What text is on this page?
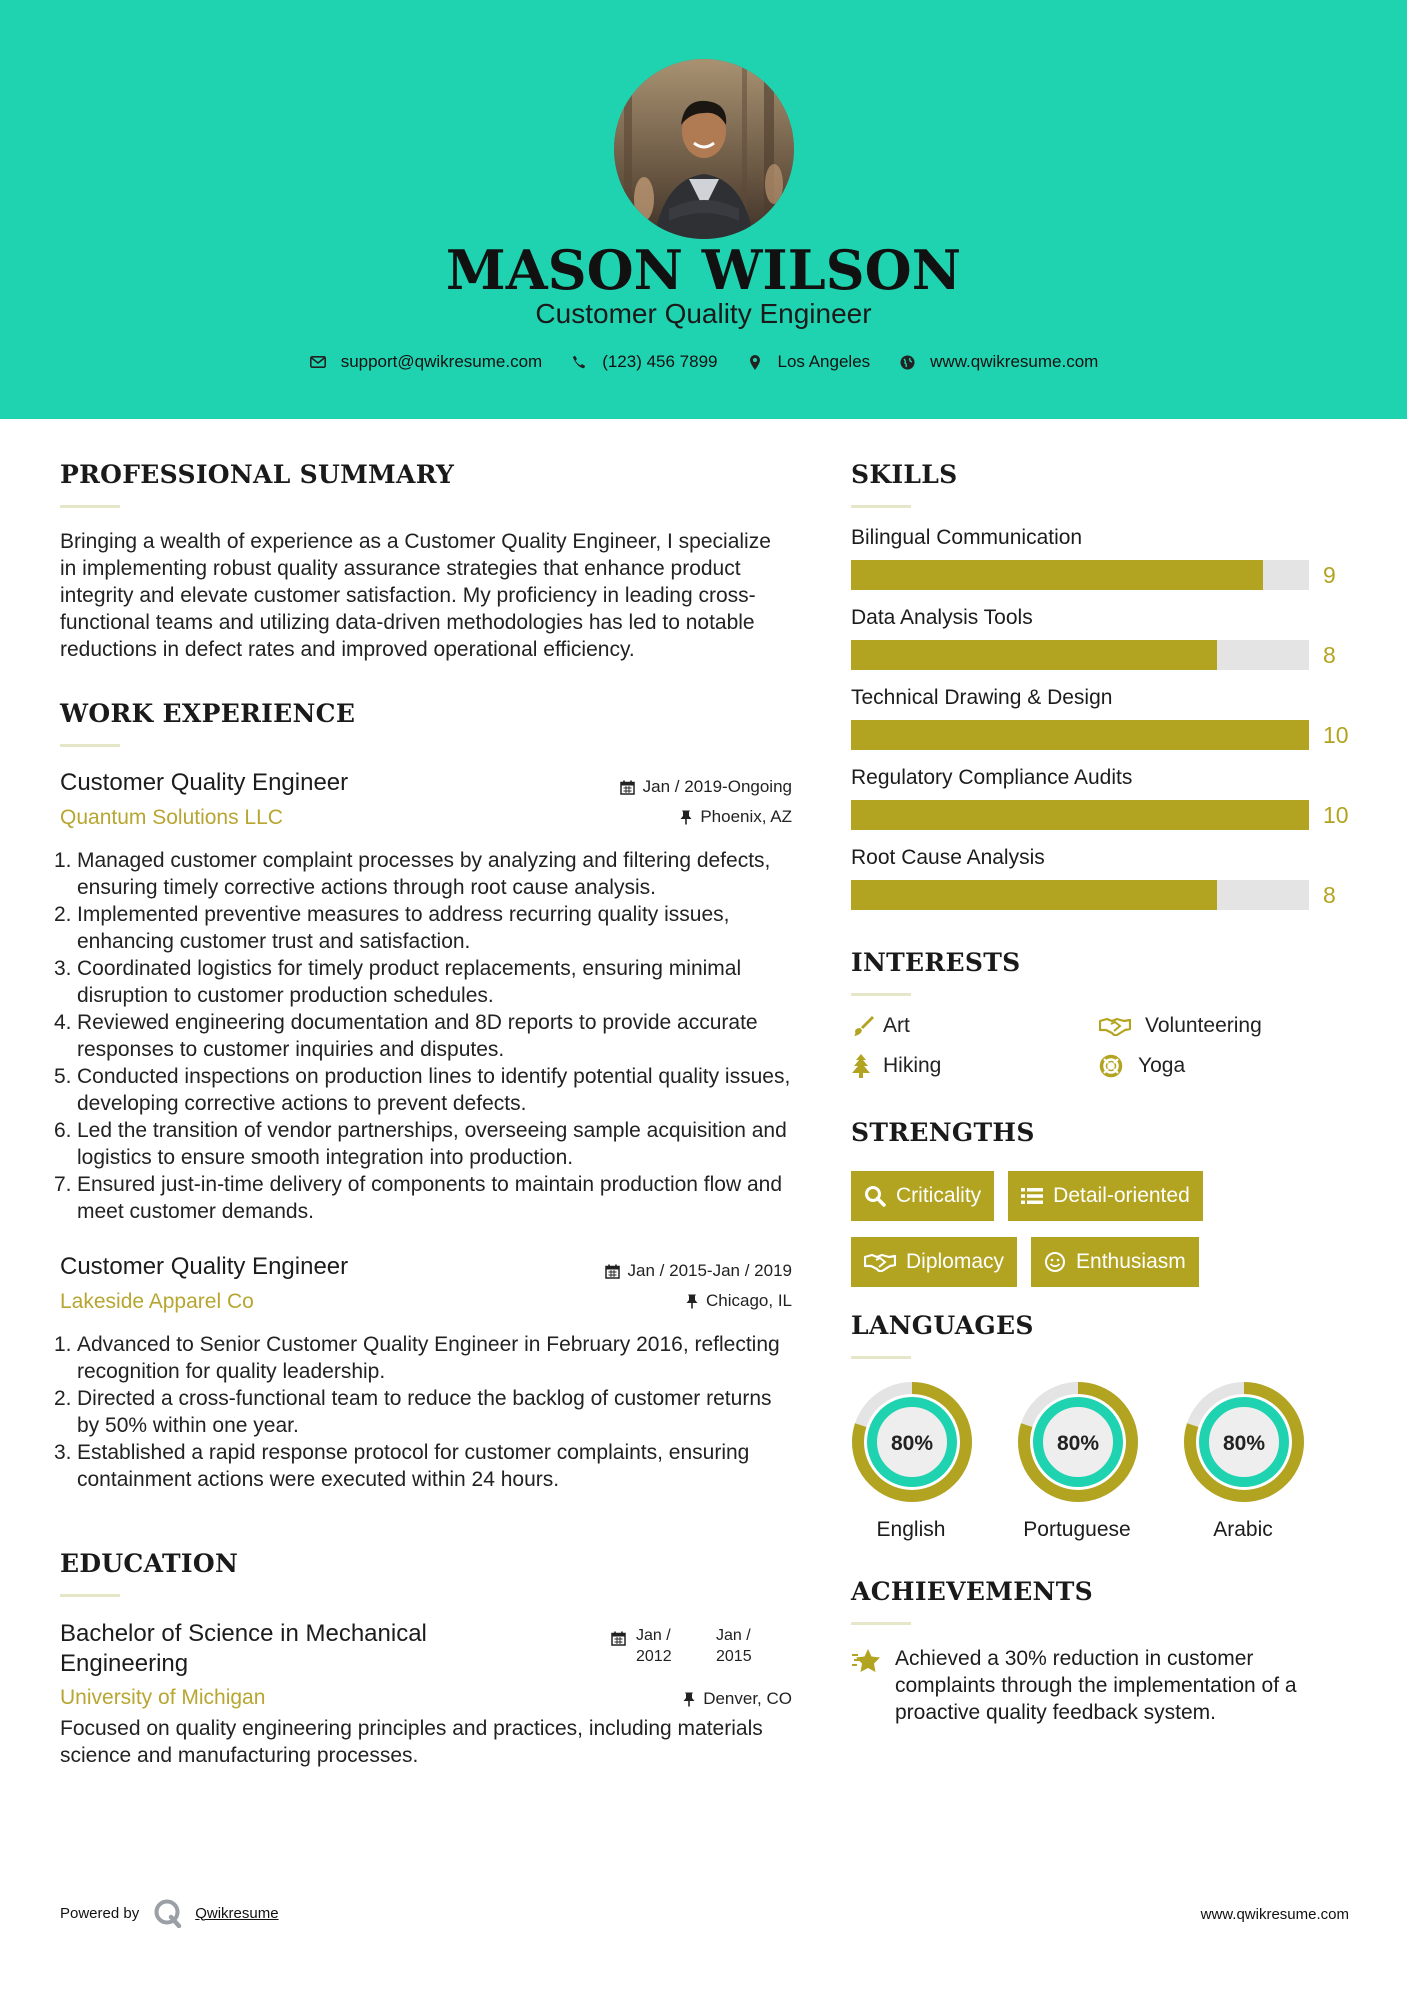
MASON WILSON
Customer Quality Engineer
support@qwikresume.com	(123) 456 7899	Los Angeles	www.qwikresume.com
PROFESSIONAL SUMMARY
Bringing a wealth of experience as a Customer Quality Engineer, I specialize in implementing robust quality assurance strategies that enhance product integrity and elevate customer satisfaction. My proficiency in leading cross-functional teams and utilizing data-driven methodologies has led to notable reductions in defect rates and improved operational efficiency.
WORK EXPERIENCE
Customer Quality Engineer
Quantum Solutions LLC
Jan / 2019-Ongoing
Phoenix, AZ
1. Managed customer complaint processes by analyzing and filtering defects, ensuring timely corrective actions through root cause analysis.
2. Implemented preventive measures to address recurring quality issues, enhancing customer trust and satisfaction.
3. Coordinated logistics for timely product replacements, ensuring minimal disruption to customer production schedules.
4. Reviewed engineering documentation and 8D reports to provide accurate responses to customer inquiries and disputes.
5. Conducted inspections on production lines to identify potential quality issues, developing corrective actions to prevent defects.
6. Led the transition of vendor partnerships, overseeing sample acquisition and logistics to ensure smooth integration into production.
7. Ensured just-in-time delivery of components to maintain production flow and meet customer demands.
Customer Quality Engineer
Lakeside Apparel Co
Jan / 2015-Jan / 2019
Chicago, IL
1. Advanced to Senior Customer Quality Engineer in February 2016, reflecting recognition for quality leadership.
2. Directed a cross-functional team to reduce the backlog of customer returns by 50% within one year.
3. Established a rapid response protocol for customer complaints, ensuring containment actions were executed within 24 hours.
EDUCATION
Bachelor of Science in Mechanical Engineering
University of Michigan
Jan / 2012
Jan / 2015
Denver, CO
Focused on quality engineering principles and practices, including materials science and manufacturing processes.
SKILLS
Bilingual Communication
9
Data Analysis Tools
8
Technical Drawing & Design
10
Regulatory Compliance Audits
10
Root Cause Analysis
8
INTERESTS
Art	Volunteering
Hiking	Yoga
STRENGTHS
Criticality	Detail-oriented
Diplomacy	Enthusiasm
LANGUAGES
80%
English
80%
Portuguese
80%
Arabic
ACHIEVEMENTS
Achieved a 30% reduction in customer complaints through the implementation of a proactive quality feedback system.
Powered by	Qwikresume	www.qwikresume.com
